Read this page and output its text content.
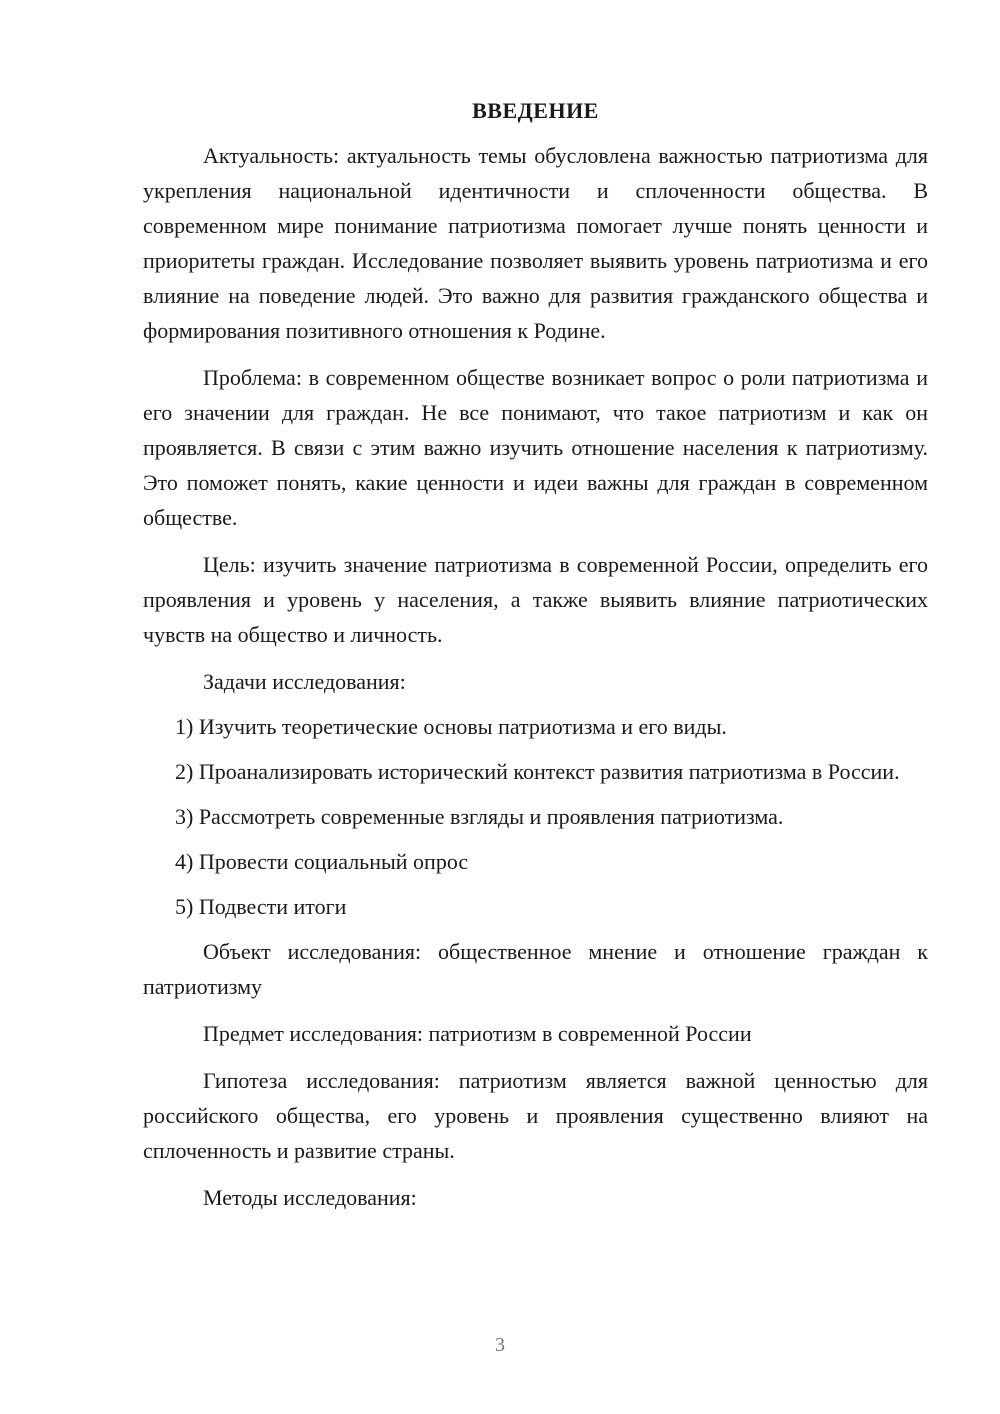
ВВЕДЕНИЕ

Актуальность: актуальность темы обусловлена важностью патриотизма для укрепления национальной идентичности и сплоченности общества. В современном мире понимание патриотизма помогает лучше понять ценности и приоритеты граждан. Исследование позволяет выявить уровень патриотизма и его влияние на поведение людей. Это важно для развития гражданского общества и формирования позитивного отношения к Родине.

Проблема: в современном обществе возникает вопрос о роли патриотизма и его значении для граждан. Не все понимают, что такое патриотизм и как он проявляется. В связи с этим важно изучить отношение населения к патриотизму. Это поможет понять, какие ценности и идеи важны для граждан в современном обществе.

Цель: изучить значение патриотизма в современной России, определить его проявления и уровень у населения, а также выявить влияние патриотических чувств на общество и личность.

Задачи исследования:

1) Изучить теоретические основы патриотизма и его виды.

2) Проанализировать исторический контекст развития патриотизма в России.

3) Рассмотреть современные взгляды и проявления патриотизма.

4) Провести социальный опрос

5) Подвести итоги

Объект исследования: общественное мнение и отношение граждан к патриотизму

Предмет исследования: патриотизм в современной России

Гипотеза исследования: патриотизм является важной ценностью для российского общества, его уровень и проявления существенно влияют на сплоченность и развитие страны.

Методы исследования:

3
